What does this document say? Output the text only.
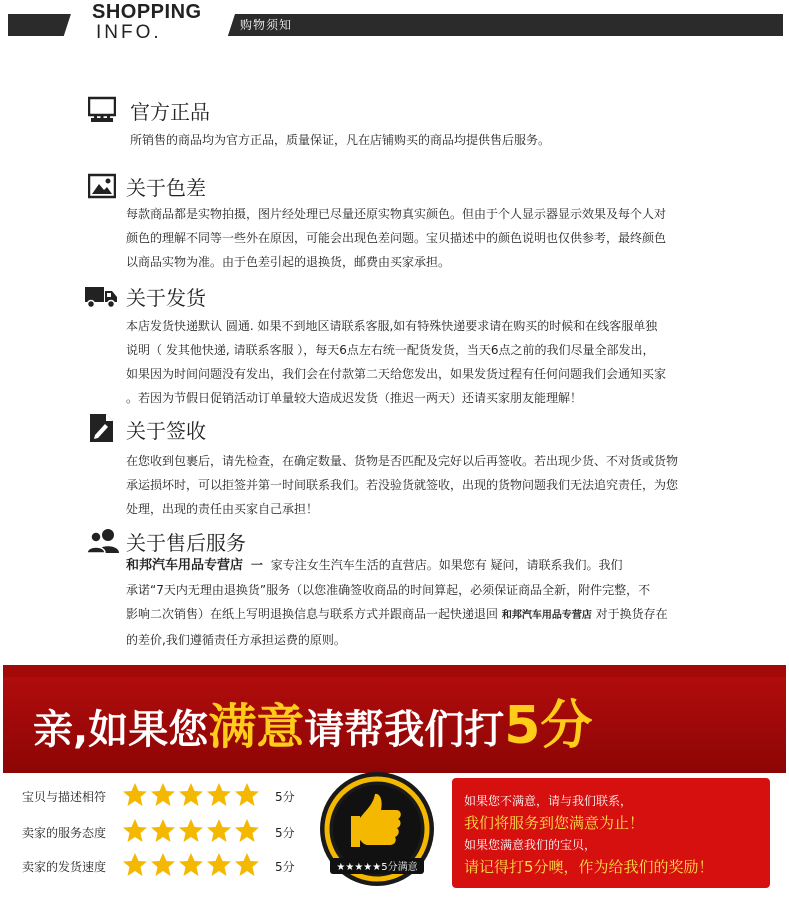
SHOPPING
INFO.	购物须知
官方正品
所销售的商品均为官方正品，质量保证，凡在店铺购买的商品均提供售后服务。
关于色差
每款商品都是实物拍摄，图片经处理已尽量还原实物真实颜色。但由于个人显示器显示效果及每个人对
颜色的理解不同等一些外在原因，可能会出现色差问题。宝贝描述中的颜色说明也仅供参考，最终颜色
以商品实物为准。由于色差引起的退换货，邮费由买家承担。
关于发货
本店发货快递默认 圆通. 如果不到地区请联系客服,如有特殊快递要求请在购买的时候和在线客服单独
说明（ 发其他快递, 请联系客服 ），每天6点左右统一配货发货，当天6点之前的我们尽量全部发出，
如果因为时间问题没有发出，我们会在付款第二天给您发出，如果发货过程有任何问题我们会通知买家
。若因为节假日促销活动订单量较大造成迟发货（推迟一两天）还请买家朋友能理解！
关于签收
在您收到包裹后，请先检查，在确定数量、货物是否匹配及完好以后再签收。若出现少货、不对货或货物
承运损坏时，可以拒签并第一时间联系我们。若没验货就签收，出现的货物问题我们无法追究责任，为您
处理，出现的责任由买家自己承担！
关于售后服务
和邦汽车用品专营店 一 家专注女生汽车生活的直营店。如果您有 疑问，请联系我们。我们
承诺“7天内无理由退换货”服务（以您准确签收商品的时间算起，必须保证商品全新，附件完整，不
影响二次销售）在纸上写明退换信息与联系方式并跟商品一起快递退回 和邦汽车用品专营店 对于换货存在
的差价,我们遵循责任方承担运费的原则。
亲,如果您满意请帮我们打5分
宝贝与描述相符	5分
卖家的服务态度	5分
卖家的发货速度	5分	★★★★★5分满意
如果您不满意，请与我们联系，
我们将服务到您满意为止！
如果您满意我们的宝贝，
请记得打5分噢，作为给我们的奖励！
